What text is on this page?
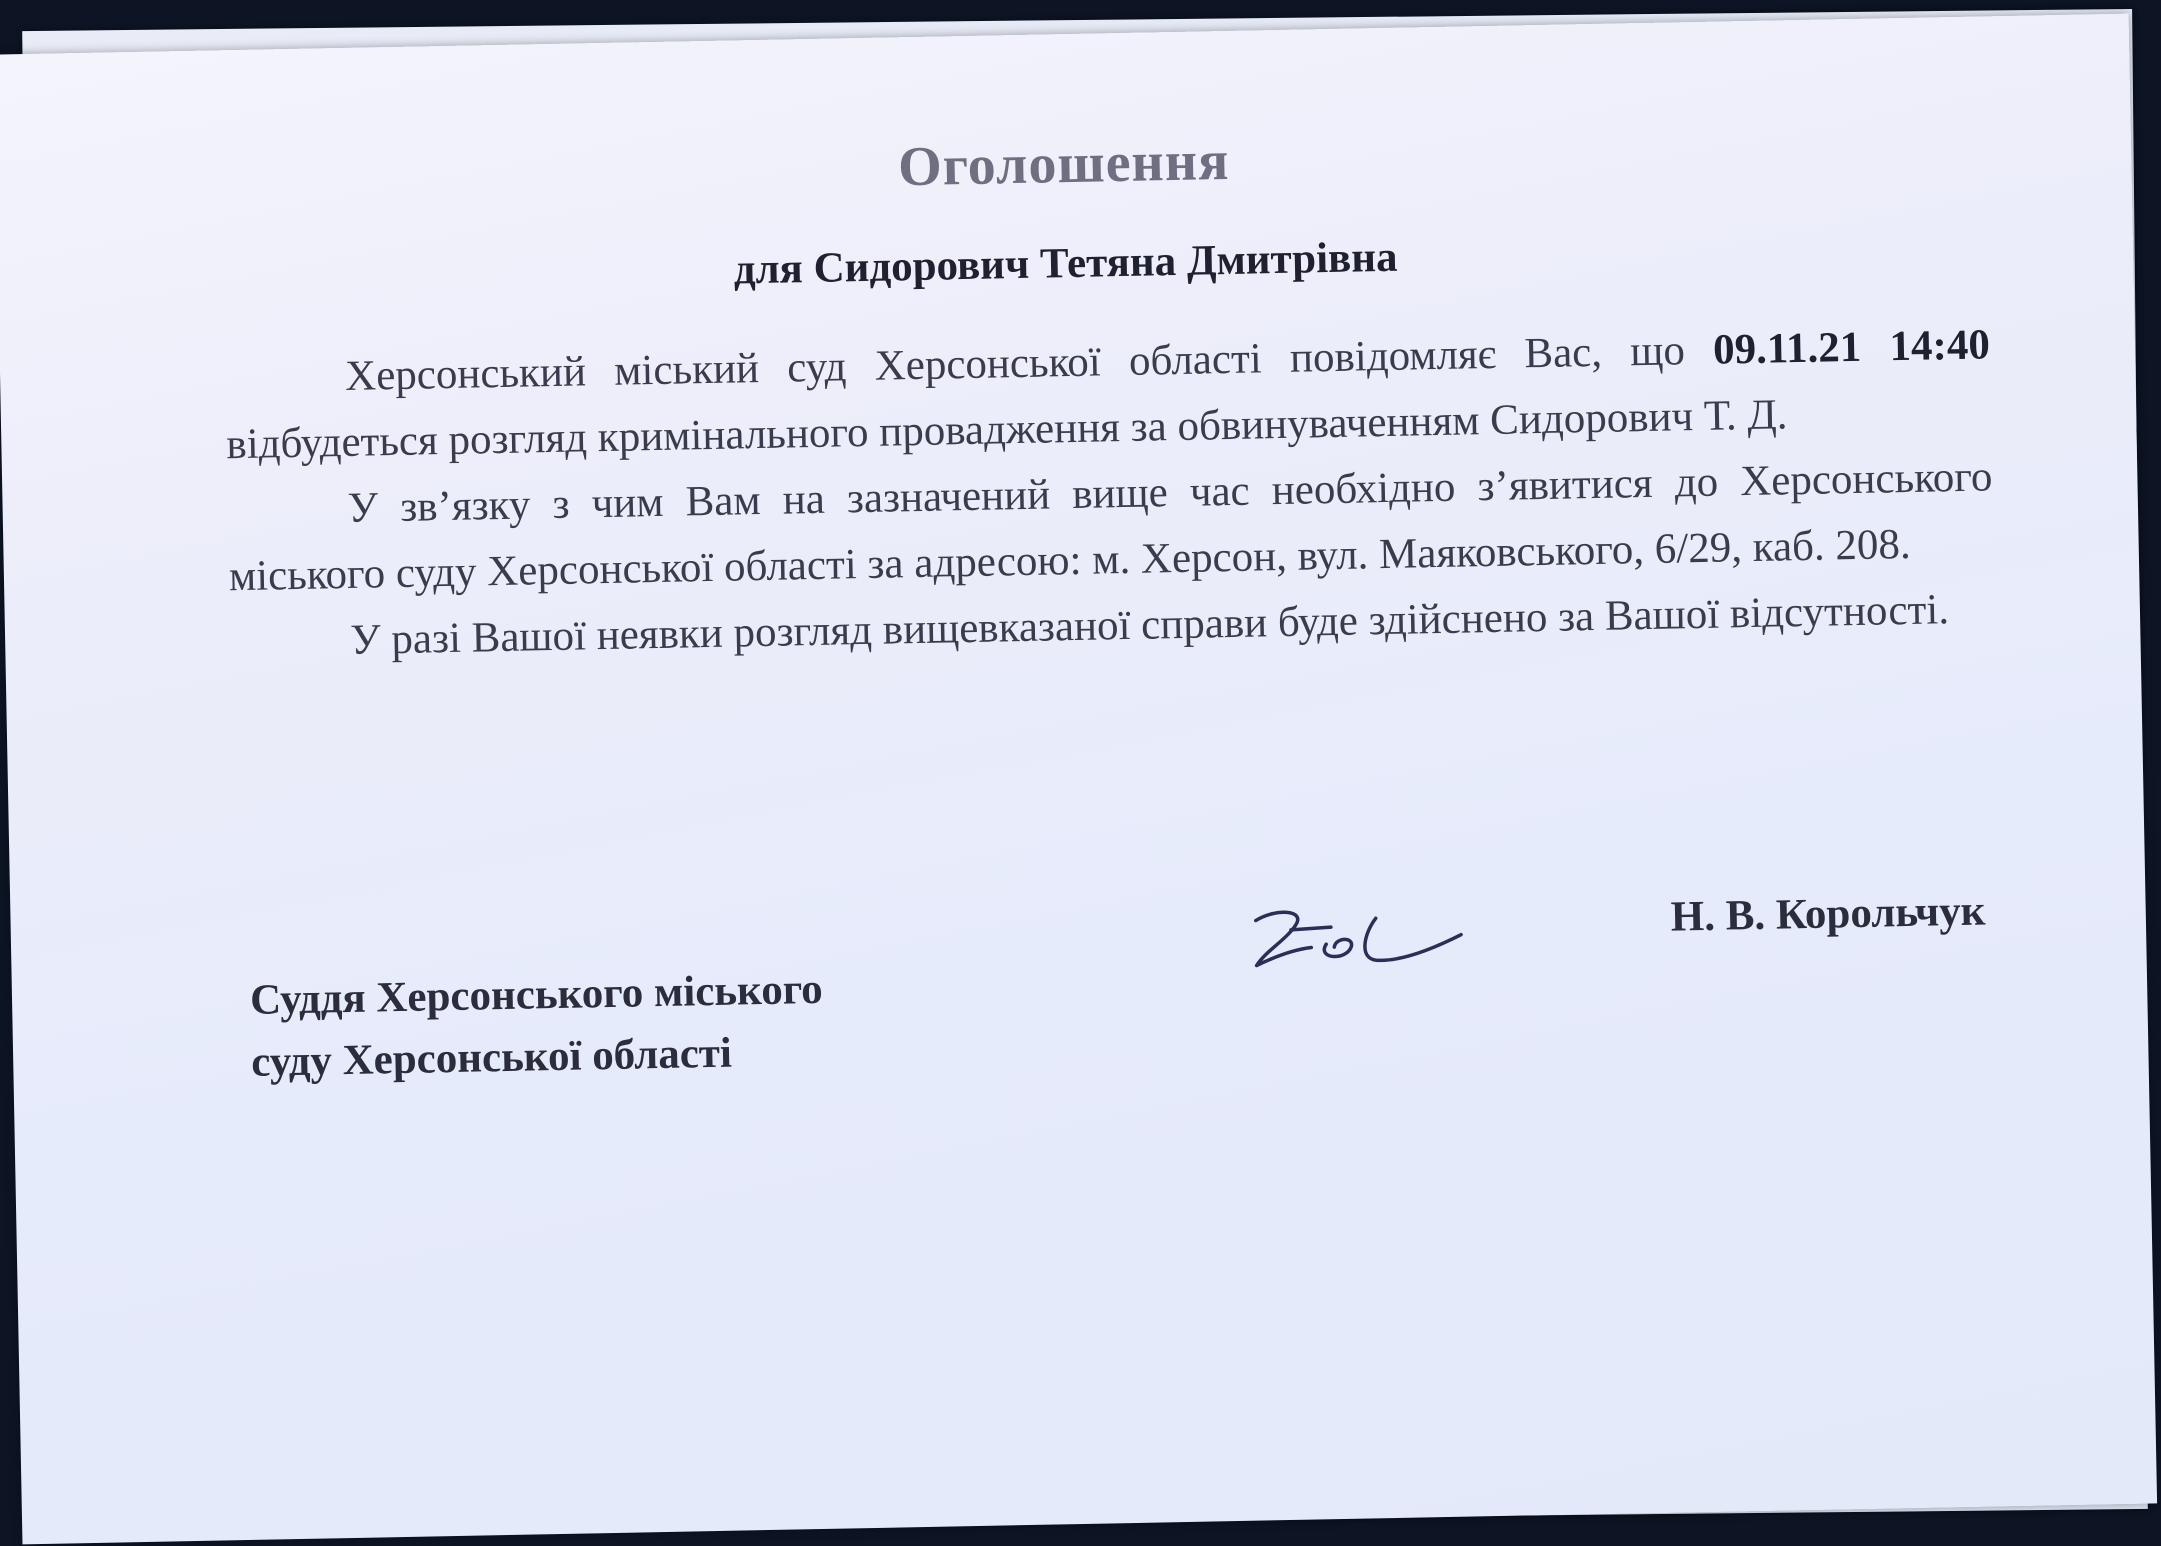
Оголошення
для Сидорович Тетяна Дмитрівна

Херсонський міський суд Херсонської області повідомляє Вас, що 09.11.21 14:40 відбудеться розгляд кримінального провадження за обвинуваченням Сидорович Т. Д.

У зв’язку з чим Вам на зазначений вище час необхідно з’явитися до Херсонського міського суду Херсонської області за адресою: м. Херсон, вул. Маяковського, 6/29, каб. 208.

У разі Вашої неявки розгляд вищевказаної справи буде здійснено за Вашої відсутності.

Суддя Херсонського міського
суду Херсонської області
Н. В. Корольчук
